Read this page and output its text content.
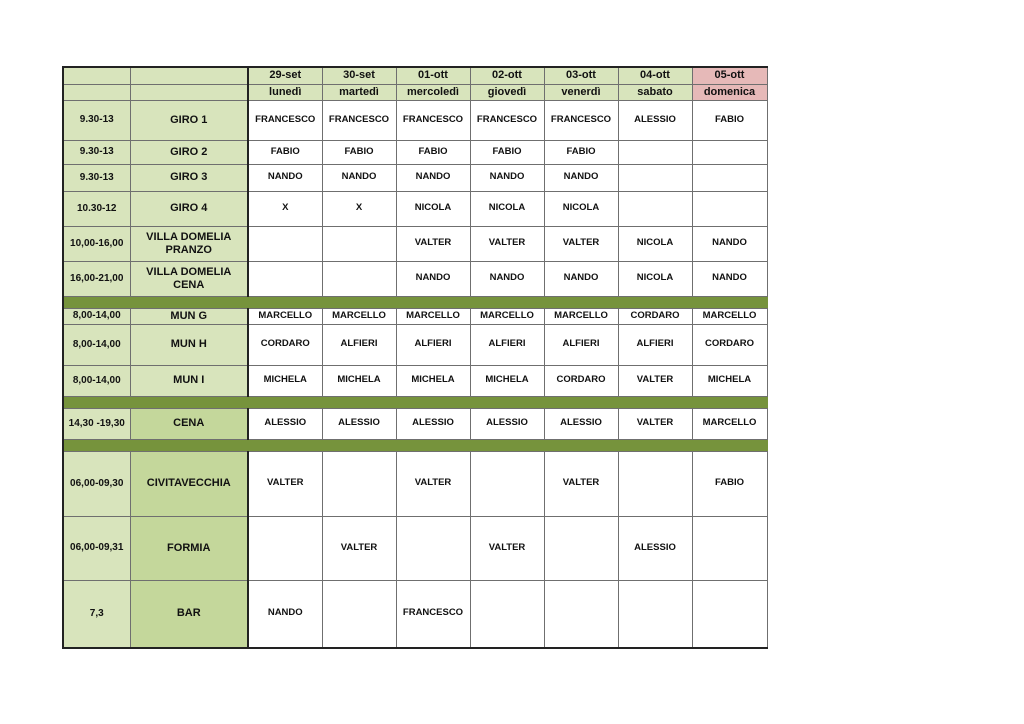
		29-set	30-set	01-ott	02-ott	03-ott	04-ott	05-ott
		lunedì	martedì	mercoledì	giovedì	venerdì	sabato	domenica
9.30-13	GIRO 1	FRANCESCO	FRANCESCO	FRANCESCO	FRANCESCO	FRANCESCO	ALESSIO	FABIO
9.30-13	GIRO 2	FABIO	FABIO	FABIO	FABIO	FABIO		
9.30-13	GIRO 3	NANDO	NANDO	NANDO	NANDO	NANDO		
10.30-12	GIRO 4	X	X	NICOLA	NICOLA	NICOLA		
10,00-16,00	VILLA DOMELIA PRANZO			VALTER	VALTER	VALTER	NICOLA	NANDO
16,00-21,00	VILLA DOMELIA CENA			NANDO	NANDO	NANDO	NICOLA	NANDO

8,00-14,00	MUN G	MARCELLO	MARCELLO	MARCELLO	MARCELLO	MARCELLO	CORDARO	MARCELLO
8,00-14,00	MUN H	CORDARO	ALFIERI	ALFIERI	ALFIERI	ALFIERI	ALFIERI	CORDARO
8,00-14,00	MUN I	MICHELA	MICHELA	MICHELA	MICHELA	CORDARO	VALTER	MICHELA

14,30 -19,30	CENA	ALESSIO	ALESSIO	ALESSIO	ALESSIO	ALESSIO	VALTER	MARCELLO

06,00-09,30	CIVITAVECCHIA	VALTER		VALTER		VALTER		FABIO
06,00-09,31	FORMIA		VALTER		VALTER		ALESSIO	
7,3	BAR	NANDO		FRANCESCO				
